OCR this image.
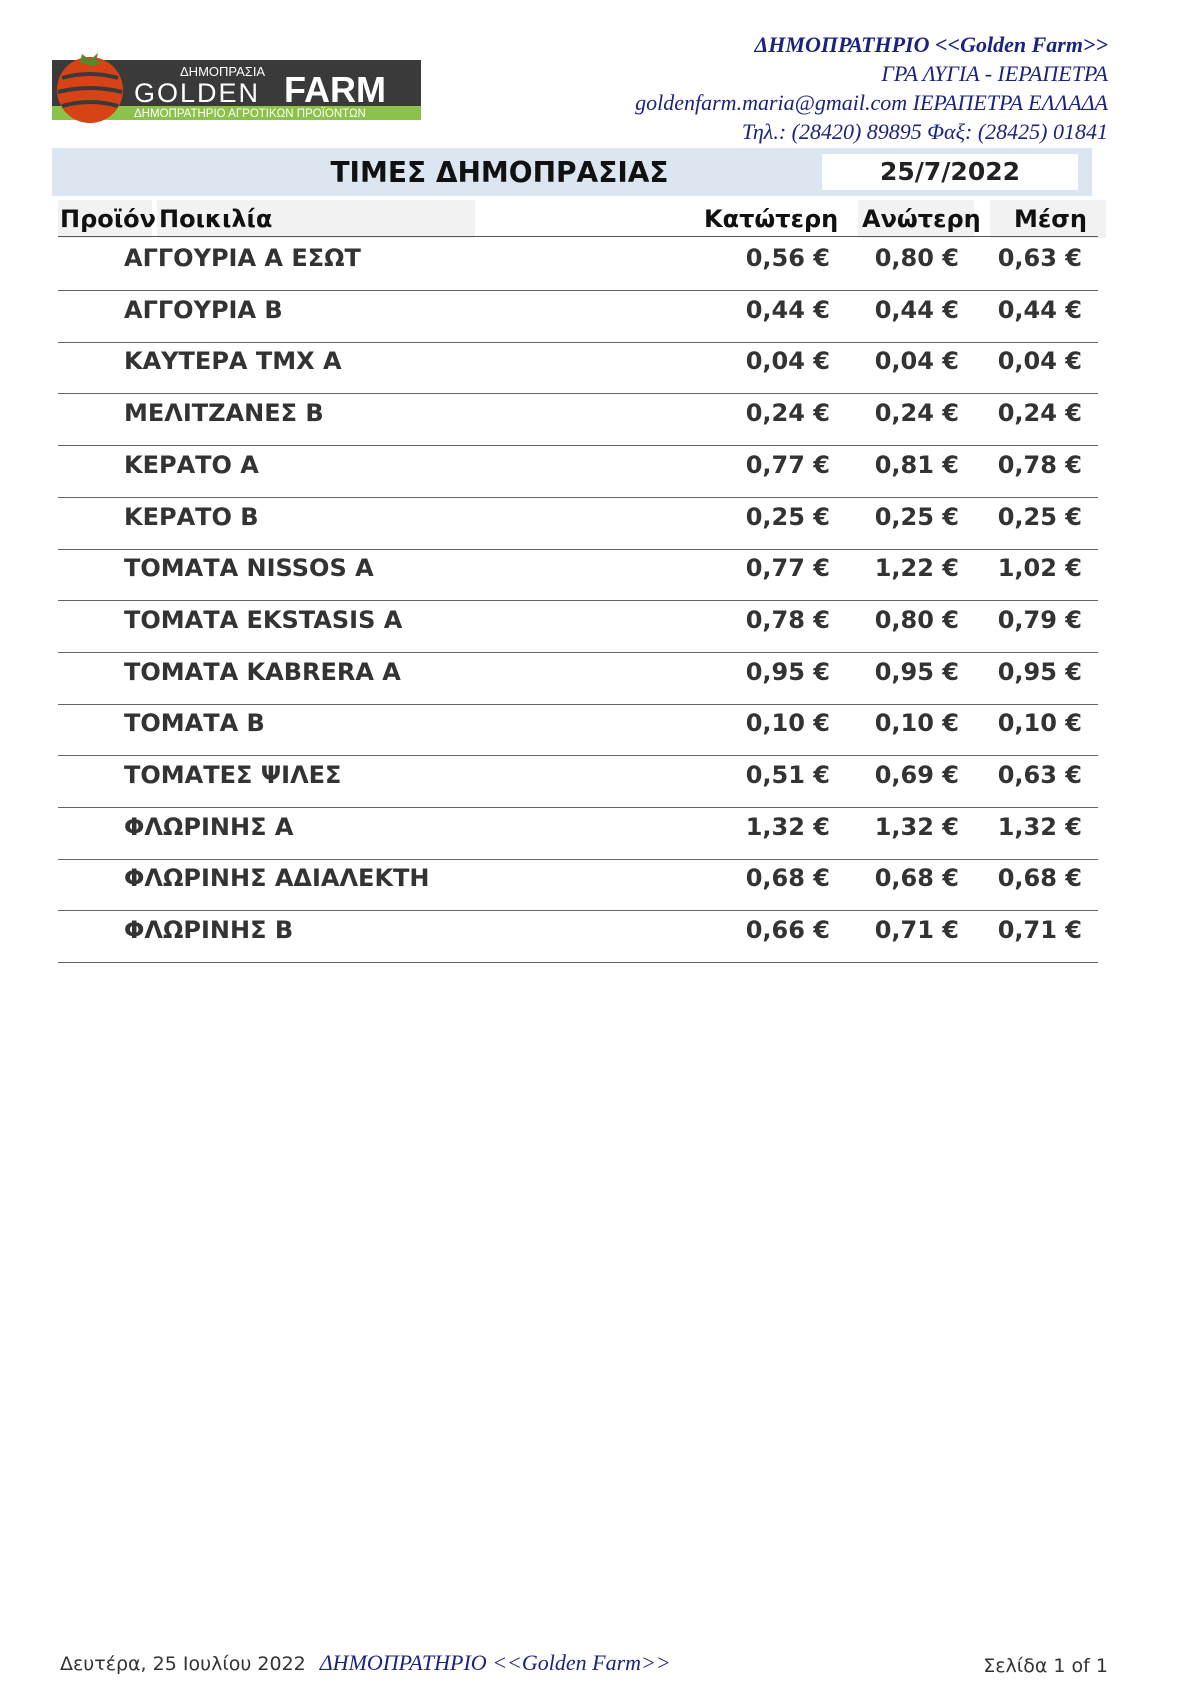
ΔΗΜΟΠΡΑΣΙΑ
GOLDEN FARM
ΔΗΜΟΠΡΑΤΗΡΙΟ ΑΓΡΟΤΙΚΩΝ ΠΡΟΪΟΝΤΩΝ
ΔΗΜΟΠΡΑΤΗΡΙΟ <<Golden Farm>>
ΓΡΑ ΛΥΓΙΑ - ΙΕΡΑΠΕΤΡΑ
goldenfarm.maria@gmail.com ΙΕΡΑΠΕΤΡΑ ΕΛΛΑΔΑ
Τηλ.: (28420) 89895 Φαξ: (28425) 01841
ΤΙΜΕΣ ΔΗΜΟΠΡΑΣΙΑΣ	25/7/2022
Προϊόν Ποικιλία	Κατώτερη Ανώτερη	Μέση
ΑΓΓΟΥΡΙΑ Α ΕΣΩΤ	0,56 € 0,80 € 0,63 €
ΑΓΓΟΥΡΙΑ Β	0,44 € 0,44 € 0,44 €
ΚΑΥΤΕΡΑ ΤΜΧ Α	0,04 € 0,04 € 0,04 €
ΜΕΛΙΤΖΑΝΕΣ Β	0,24 € 0,24 € 0,24 €
ΚΕΡΑΤΟ Α	0,77 € 0,81 € 0,78 €
ΚΕΡΑΤΟ Β	0,25 € 0,25 € 0,25 €
ΤΟΜΑΤΑ NISSOS Α	0,77 € 1,22 € 1,02 €
ΤΟΜΑΤΑ EKSTASIS Α	0,78 € 0,80 € 0,79 €
ΤΟΜΑΤΑ KABRERA Α	0,95 € 0,95 € 0,95 €
ΤΟΜΑΤΑ Β	0,10 € 0,10 € 0,10 €
ΤΟΜΑΤΕΣ ΨΙΛΕΣ	0,51 € 0,69 € 0,63 €
ΦΛΩΡΙΝΗΣ Α	1,32 € 1,32 € 1,32 €
ΦΛΩΡΙΝΗΣ ΑΔΙΑΛΕΚΤΗ	0,68 € 0,68 € 0,68 €
ΦΛΩΡΙΝΗΣ Β	0,66 € 0,71 € 0,71 €
Δευτέρα, 25 Ιουλίου 2022 ΔΗΜΟΠΡΑΤΗΡΙΟ <<Golden Farm>>	Σελίδα 1 of 1
